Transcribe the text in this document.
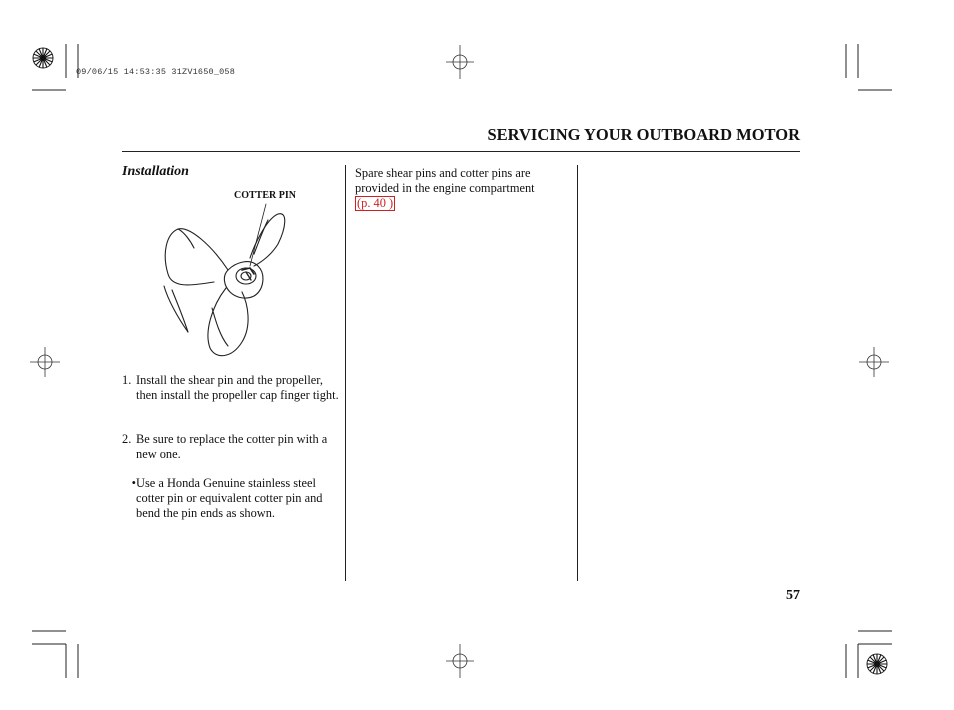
09/06/15 14:53:35 31ZV1650_058
SERVICING YOUR OUTBOARD MOTOR
Installation
COTTER PIN
1. Install the shear pin and the propeller, then install the propeller cap finger tight.
2. Be sure to replace the cotter pin with a new one.
• Use a Honda Genuine stainless steel cotter pin or equivalent cotter pin and bend the pin ends as shown.
Spare shear pins and cotter pins are provided in the engine compartment (p. 40 )
57
